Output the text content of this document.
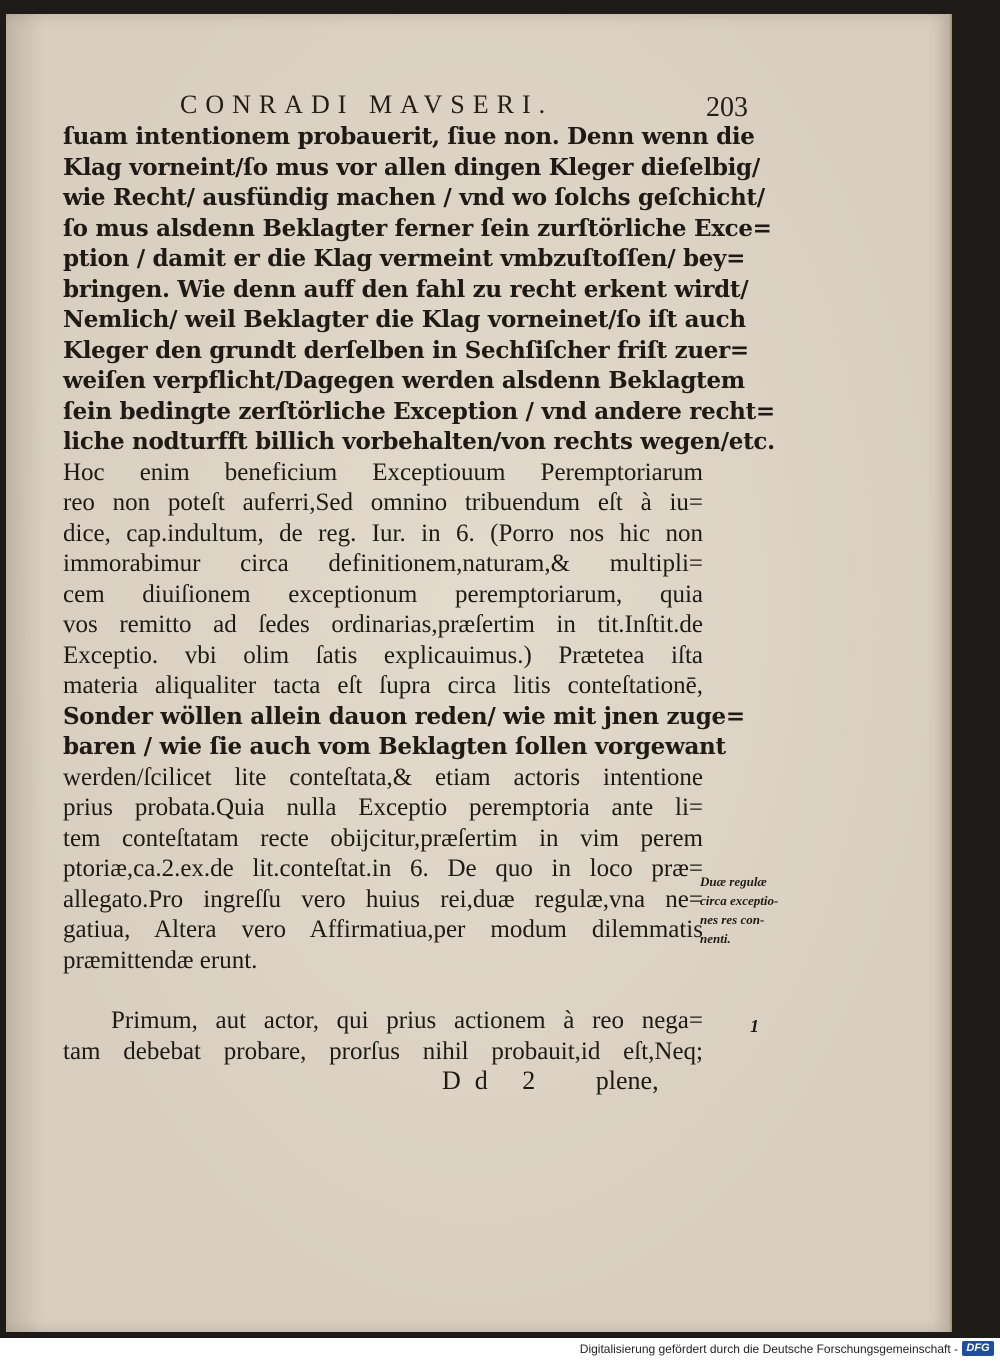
CONRADI MAVSERI.	203
ſuam intentionem probauerit, ſiue non. Denn wenn die
Klag vorneint/ſo mus vor allen dingen Kleger dieſelbig/
wie Recht/ ausfündig machen / vnd wo ſolchs geſchicht/
ſo mus alsdenn Beklagter ferner ſein zurſtörliche Exce=
ption / damit er die Klag vermeint vmbzuſtoſſen/ bey=
bringen. Wie denn auff den fahl zu recht erkent wirdt/
Nemlich/ weil Beklagter die Klag vorneinet/ſo iſt auch
Kleger den grundt derſelben in Sechſiſcher friſt zuer=
weiſen verpflicht/Dagegen werden alsdenn Beklagtem
ſein bedingte zerſtörliche Exception / vnd andere recht=
liche nodturfft billich vorbehalten/von rechts wegen/etc.
Hoc enim beneficium Exceptiouum Peremptoriarum
reo non poteſt auferri,Sed omnino tribuendum eſt à iu=
dice, cap.indultum, de reg. Iur. in 6. (Porro nos hic non
immorabimur circa definitionem,naturam,& multipli=
cem diuiſionem exceptionum peremptoriarum, quia
vos remitto ad ſedes ordinarias,præſertim in tit.Inſtit.de
Exceptio. vbi olim ſatis explicauimus.) Prætetea iſta
materia aliqualiter tacta eſt ſupra circa litis conteſtationē,
Sonder wöllen allein dauon reden/ wie mit jnen zuge=
baren / wie ſie auch vom Beklagten ſollen vorgewant
werden/ſcilicet lite conteſtata,& etiam actoris intentione
prius probata.Quia nulla Exceptio peremptoria ante li=
tem conteſtatam recte obijcitur,præſertim in vim perem
ptoriæ,ca.2.ex.de lit.conteſtat.in 6. De quo in loco præ=
allegato.Pro ingreſſu vero huius rei,duæ regulæ,vna ne=
gatiua, Altera vero Affirmatiua,per modum dilemmatis
præmittendæ erunt.
Primum, aut actor, qui prius actionem à reo nega=
tam debebat probare, prorſus nihil probauit,id eſt,Neq;
Duæ regulæ
circa exceptio-
nes res con-
nenti.
1
Dd 2 plene,
Digitalisierung gefördert durch die Deutsche Forschungsgemeinschaft - DFG
